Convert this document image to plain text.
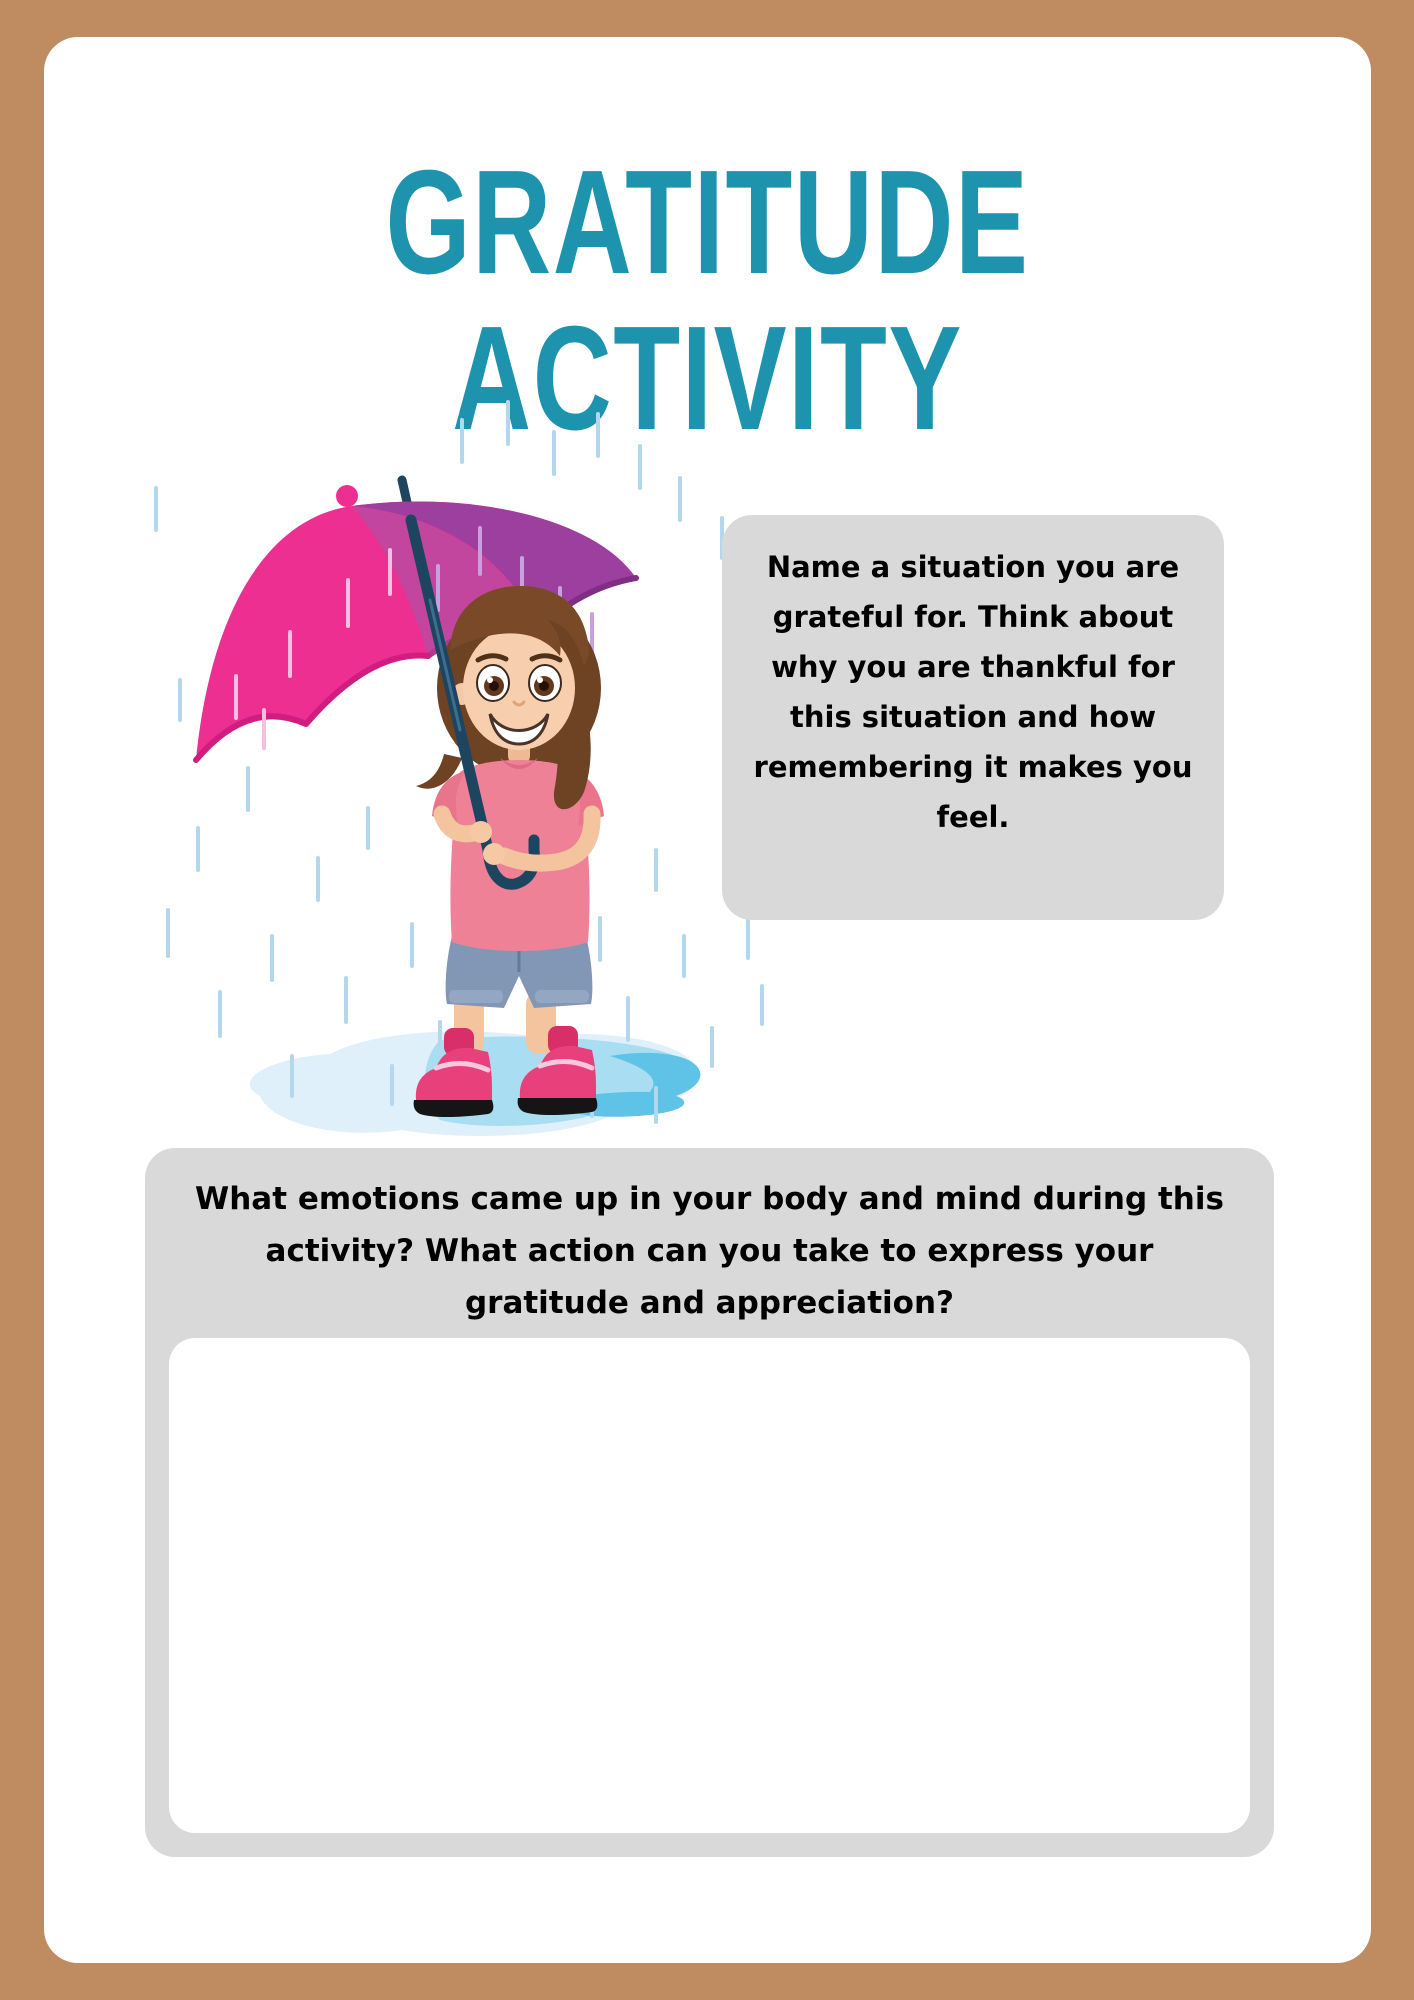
GRATITUDE
ACTIVITY
Name a situation you are
grateful for. Think about
why you are thankful for
this situation and how
remembering it makes you
feel.
What emotions came up in your body and mind during this
activity? What action can you take to express your
gratitude and appreciation?
